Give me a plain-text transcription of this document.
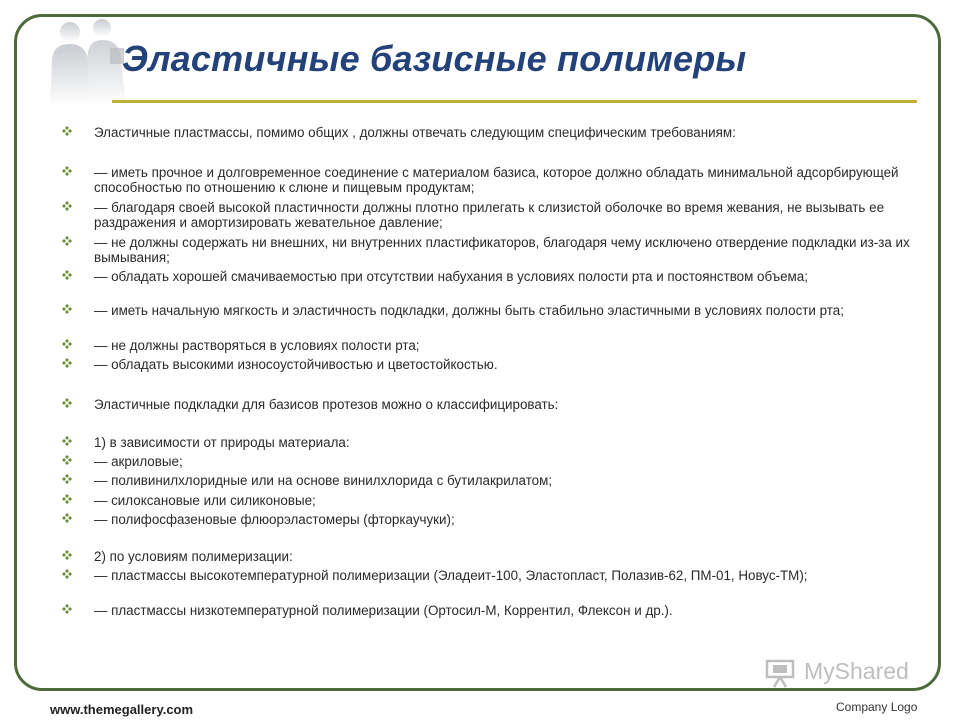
Эластичные базисные полимеры
Эластичные пластмассы, помимо общих , должны отвечать следующим специфическим требованиям:
— иметь прочное и долговременное соединение с материалом базиса, которое должно обладать минимальной адсорбирующей способностью по отношению к слюне и пищевым продуктам;
— благодаря своей высокой пластичности должны плотно прилегать к слизистой оболочке во время жевания, не вызывать ее раздражения и амортизировать жевательное давление;
— не должны содержать ни внешних, ни внутренних пластификаторов, благодаря чему исключено отвердение подкладки из-за их вымывания;
— обладать хорошей смачиваемостью при отсутствии набухания в условиях полости рта и постоянством объема;
— иметь начальную мягкость и эластичность подкладки, должны быть стабильно эластичными в условиях полости рта;
— не должны растворяться в условиях полости рта;
— обладать высокими износоустойчивостью и цветостойкостью.
Эластичные подкладки для базисов протезов можно о классифицировать:
1) в зависимости от природы материала:
— акриловые;
— поливинилхлоридные или на основе винилхлорида с бутилакрилатом;
— силоксановые или силиконовые;
— полифосфазеновые флюорэластомеры (фторкаучуки);
2) по условиям полимеризации:
— пластмассы высокотемпературной полимеризации (Эладеит-100, Эластопласт, Полазив-62, ПМ-01, Новус-ТМ);
— пластмассы низкотемпературной полимеризации (Ортосил-М, Коррентил, Флексон и др.).
MyShared
www.themegallery.com	Company Logo
